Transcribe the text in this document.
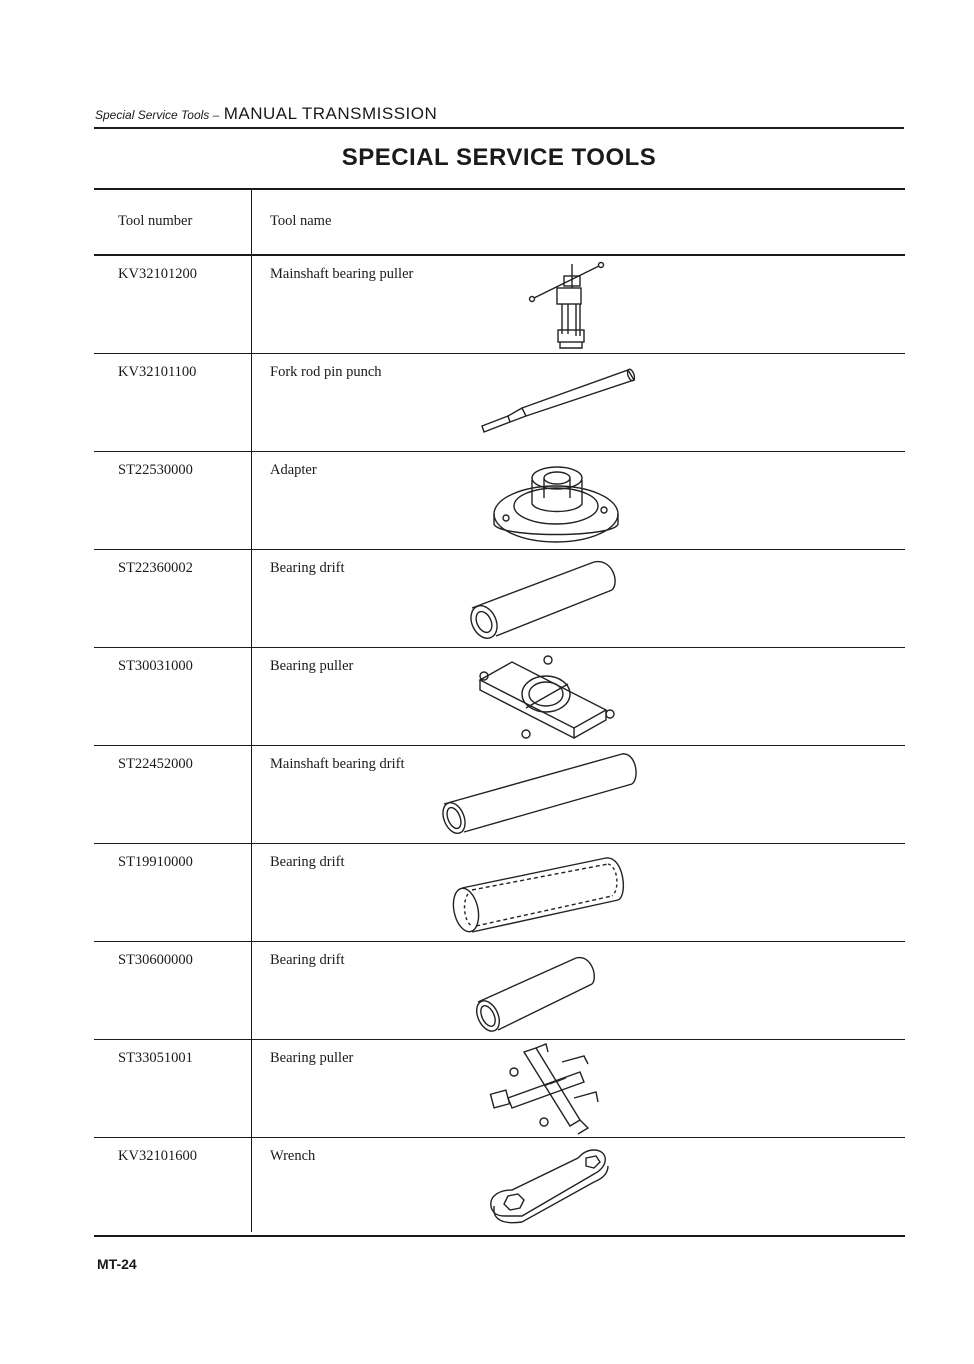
Special Service Tools – MANUAL TRANSMISSION
SPECIAL SERVICE TOOLS
Tool number	Tool name
KV32101200	Mainshaft bearing puller
KV32101100	Fork rod pin punch
ST22530000	Adapter
ST22360002	Bearing drift
ST30031000	Bearing puller
ST22452000	Mainshaft bearing drift
ST19910000	Bearing drift
ST30600000	Bearing drift
ST33051001	Bearing puller
KV32101600	Wrench
MT-24
